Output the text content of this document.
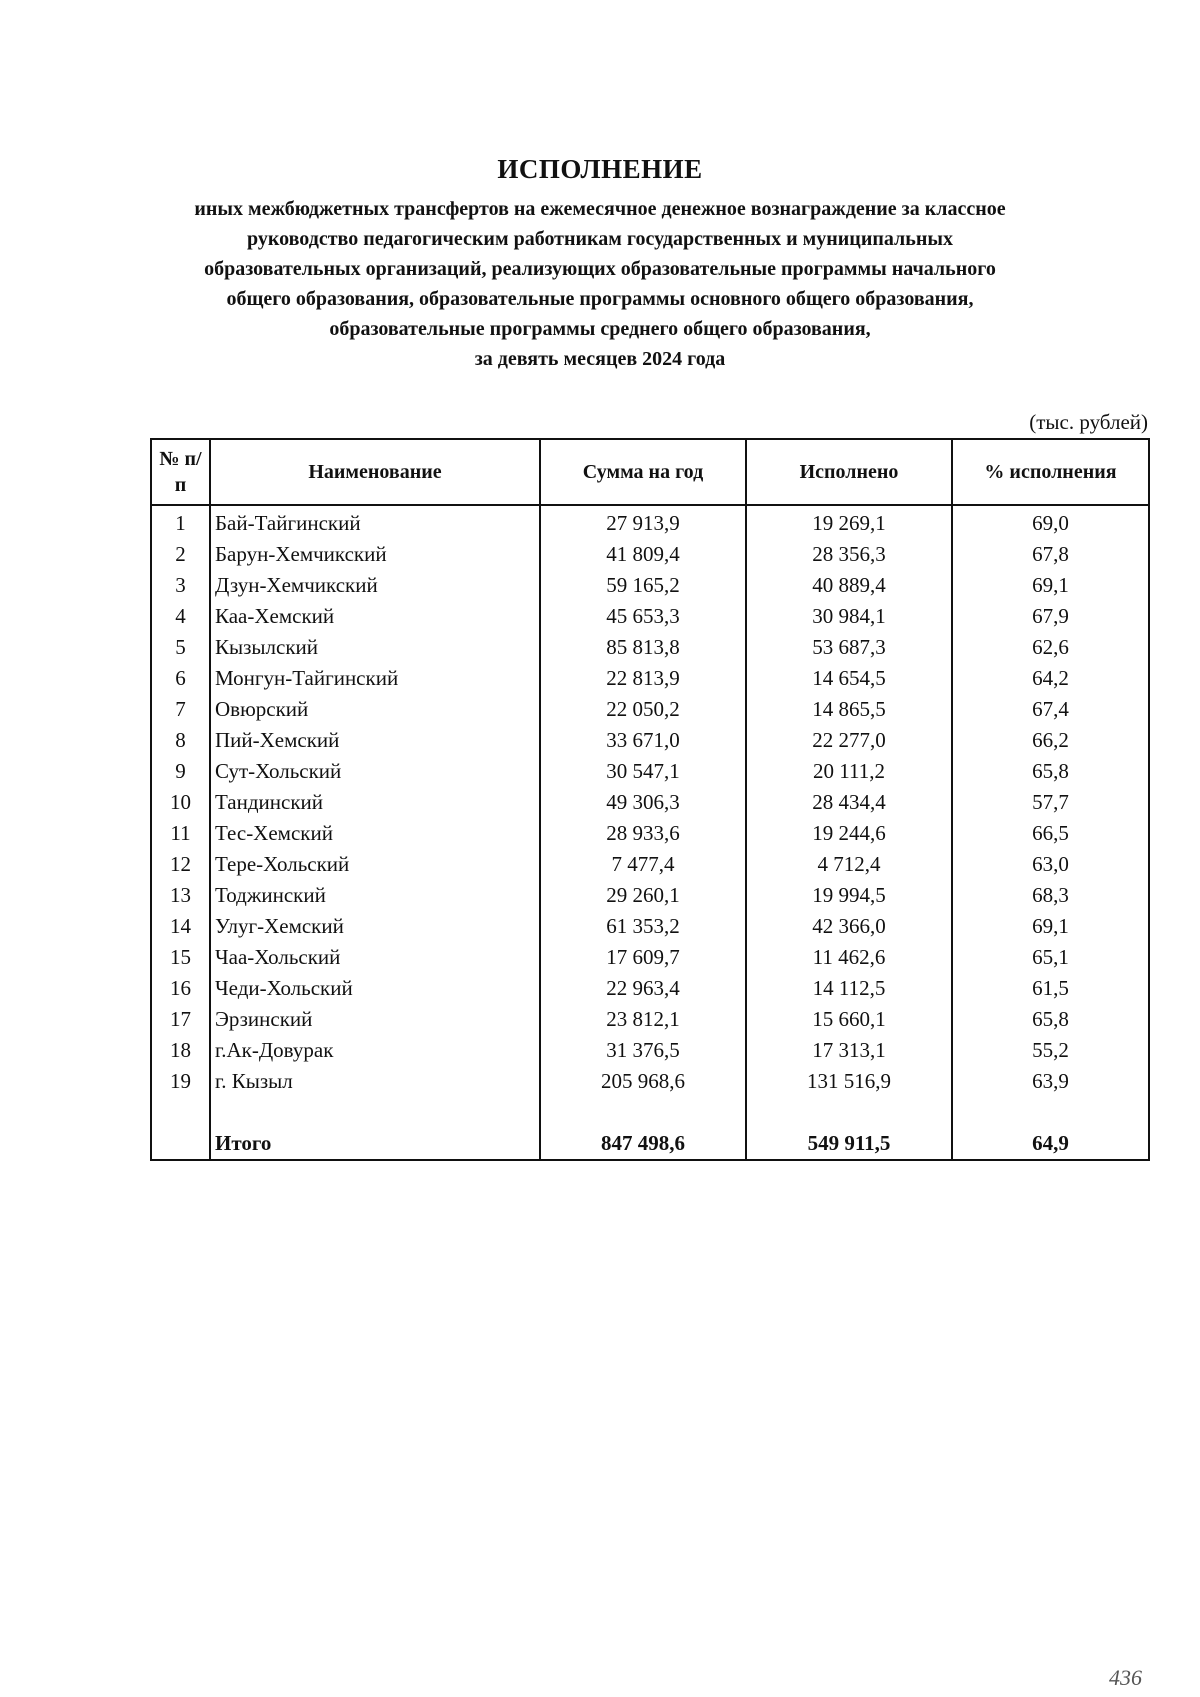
ИСПОЛНЕНИЕ
иных межбюджетных трансфертов на ежемесячное денежное вознаграждение за классное
руководство педагогическим работникам государственных и муниципальных
образовательных организаций, реализующих образовательные программы начального
общего образования, образовательные программы основного общего образования,
образовательные программы среднего общего образования,
за девять месяцев 2024 года
(тыс. рублей)
№ п/п	Наименование	Сумма на год	Исполнено	% исполнения
1	Бай-Тайгинский	27 913,9	19 269,1	69,0
2	Барун-Хемчикский	41 809,4	28 356,3	67,8
3	Дзун-Хемчикский	59 165,2	40 889,4	69,1
4	Каа-Хемский	45 653,3	30 984,1	67,9
5	Кызылский	85 813,8	53 687,3	62,6
6	Монгун-Тайгинский	22 813,9	14 654,5	64,2
7	Овюрский	22 050,2	14 865,5	67,4
8	Пий-Хемский	33 671,0	22 277,0	66,2
9	Сут-Хольский	30 547,1	20 111,2	65,8
10	Тандинский	49 306,3	28 434,4	57,7
11	Тес-Хемский	28 933,6	19 244,6	66,5
12	Тере-Хольский	7 477,4	4 712,4	63,0
13	Тоджинский	29 260,1	19 994,5	68,3
14	Улуг-Хемский	61 353,2	42 366,0	69,1
15	Чаа-Хольский	17 609,7	11 462,6	65,1
16	Чеди-Хольский	22 963,4	14 112,5	61,5
17	Эрзинский	23 812,1	15 660,1	65,8
18	г.Ак-Довурак	31 376,5	17 313,1	55,2
19	г. Кызыл	205 968,6	131 516,9	63,9

	Итого	847 498,6	549 911,5	64,9
436
